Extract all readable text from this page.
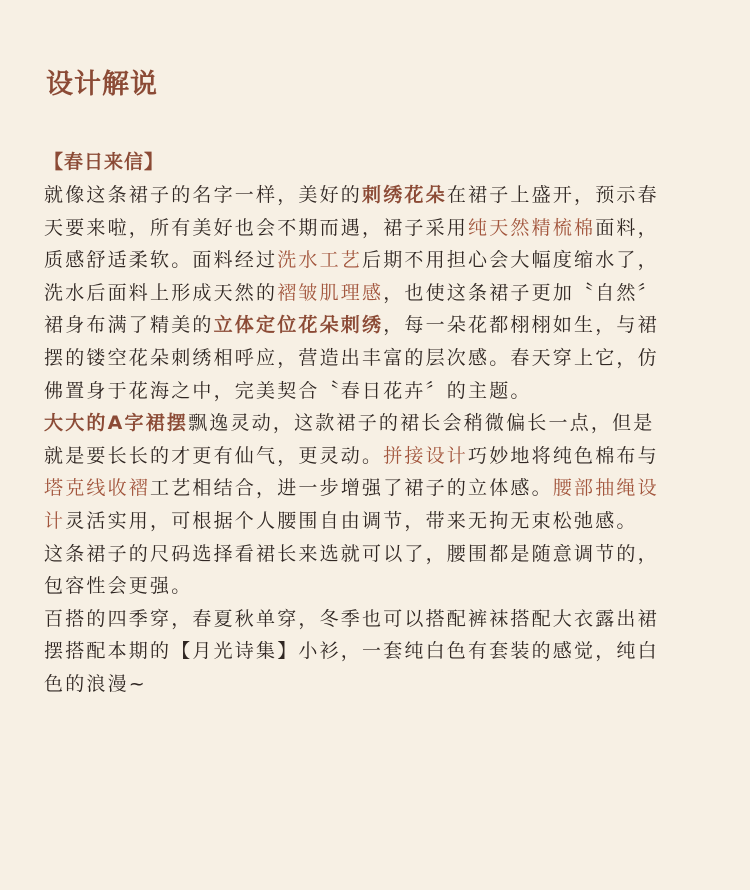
设计解说
【春日来信】

就像这条裙子的名字一样，美好的刺绣花朵在裙子上盛开，预示春
天要来啦，所有美好也会不期而遇，裙子采用纯天然精梳棉面料，
质感舒适柔软。面料经过洗水工艺后期不用担心会大幅度缩水了，
洗水后面料上形成天然的褶皱肌理感，也使这条裙子更加〝自然〞
裙身布满了精美的立体定位花朵刺绣，每一朵花都栩栩如生，与裙
摆的镂空花朵刺绣相呼应，营造出丰富的层次感。春天穿上它，仿
佛置身于花海之中，完美契合〝春日花卉〞的主题。

大大的A字裙摆飘逸灵动，这款裙子的裙长会稍微偏长一点，但是
就是要长长的才更有仙气，更灵动。拼接设计巧妙地将纯色棉布与
塔克线收褶工艺相结合，进一步增强了裙子的立体感。腰部抽绳设
计灵活实用，可根据个人腰围自由调节，带来无拘无束松弛感。

这条裙子的尺码选择看裙长来选就可以了，腰围都是随意调节的，
包容性会更强。

百搭的四季穿，春夏秋单穿，冬季也可以搭配裤袜搭配大衣露出裙
摆搭配本期的【月光诗集】小衫，一套纯白色有套装的感觉，纯白
色的浪漫~
